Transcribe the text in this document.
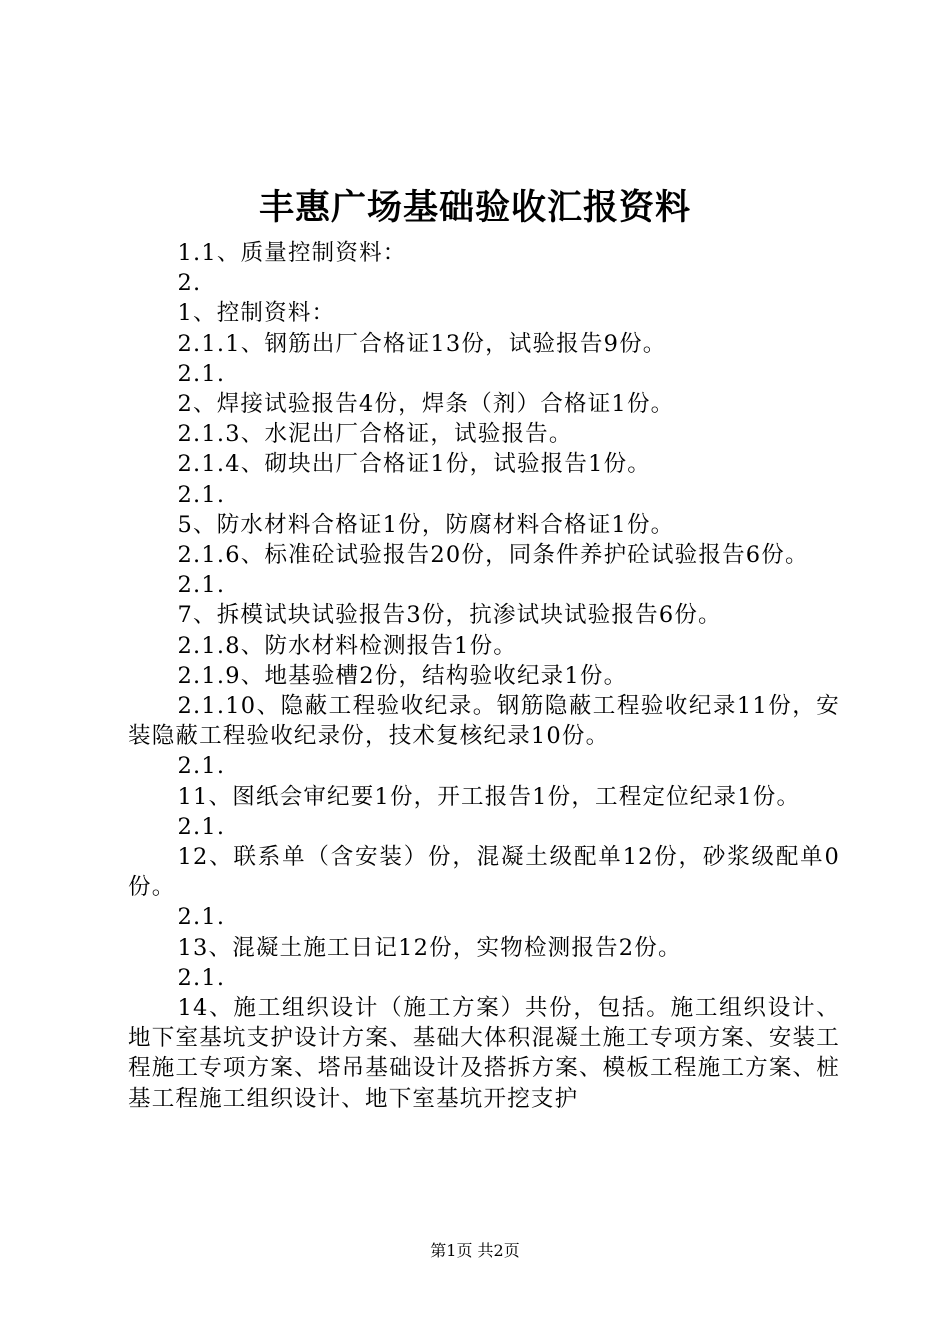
丰惠广场基础验收汇报资料

1.1、质量控制资料：

2.

1、控制资料：

2.1.1、钢筋出厂合格证13份，试验报告9份。

2.1.

2、焊接试验报告4份，焊条（剂）合格证1份。

2.1.3、水泥出厂合格证，试验报告。

2.1.4、砌块出厂合格证1份，试验报告1份。

2.1.

5、防水材料合格证1份，防腐材料合格证1份。

2.1.6、标准砼试验报告20份，同条件养护砼试验报告6份。

2.1.

7、拆模试块试验报告3份，抗渗试块试验报告6份。

2.1.8、防水材料检测报告1份。

2.1.9、地基验槽2份，结构验收纪录1份。

2.1.10、隐蔽工程验收纪录。钢筋隐蔽工程验收纪录11份，安装隐蔽工程验收纪录份，技术复核纪录10份。

2.1.

11、图纸会审纪要1份，开工报告1份，工程定位纪录1份。

2.1.

12、联系单（含安装）份，混凝土级配单12份，砂浆级配单0份。

2.1.

13、混凝土施工日记12份，实物检测报告2份。

2.1.

14、施工组织设计（施工方案）共份，包括。施工组织设计、地下室基坑支护设计方案、基础大体积混凝土施工专项方案、安装工程施工专项方案、塔吊基础设计及搭拆方案、模板工程施工方案、桩基工程施工组织设计、地下室基坑开挖支护

第1页 共2页
